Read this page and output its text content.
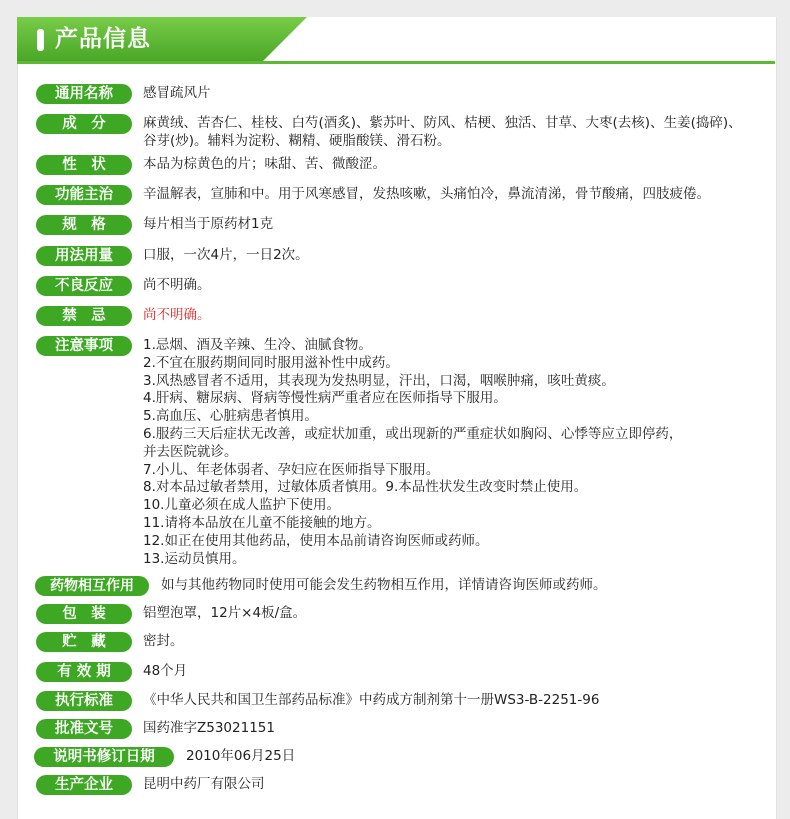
产品信息
通用名称	感冒疏风片
成　分	麻黄绒、苦杏仁、桂枝、白芍(酒炙)、紫苏叶、防风、桔梗、独活、甘草、大枣(去核)、生姜(捣碎)、
谷芽(炒)。辅料为淀粉、糊精、硬脂酸镁、滑石粉。
性　状	本品为棕黄色的片；味甜、苦、微酸涩。
功能主治	辛温解表，宣肺和中。用于风寒感冒，发热咳嗽，头痛怕冷，鼻流清涕，骨节酸痛，四肢疲倦。
规　格	每片相当于原药材1克
用法用量	口服，一次4片，一日2次。
不良反应	尚不明确。
禁　忌	尚不明确。
注意事项	1.忌烟、酒及辛辣、生冷、油腻食物。
2.不宜在服药期间同时服用滋补性中成药。
3.风热感冒者不适用，其表现为发热明显，汗出，口渴，咽喉肿痛，咳吐黄痰。
4.肝病、糖尿病、肾病等慢性病严重者应在医师指导下服用。
5.高血压、心脏病患者慎用。
6.服药三天后症状无改善，或症状加重，或出现新的严重症状如胸闷、心悸等应立即停药，
并去医院就诊。
7.小儿、年老体弱者、孕妇应在医师指导下服用。
8.对本品过敏者禁用，过敏体质者慎用。9.本品性状发生改变时禁止使用。
10.儿童必须在成人监护下使用。
11.请将本品放在儿童不能接触的地方。
12.如正在使用其他药品，使用本品前请咨询医师或药师。
13.运动员慎用。
药物相互作用	如与其他药物同时使用可能会发生药物相互作用，详情请咨询医师或药师。
包　装	铝塑泡罩，12片×4板/盒。
贮　藏	密封。
有 效 期	48个月
执行标准	《中华人民共和国卫生部药品标准》中药成方制剂第十一册WS3-B-2251-96
批准文号	国药准字Z53021151
说明书修订日期	2010年06月25日
生产企业	昆明中药厂有限公司
